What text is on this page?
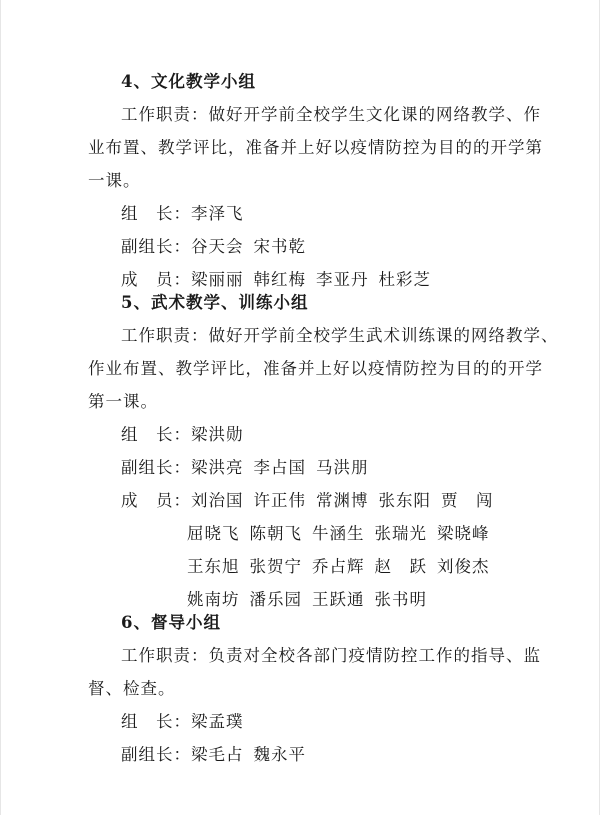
4、文化教学小组
工作职责：做好开学前全校学生文化课的网络教学、作
业布置、教学评比，准备并上好以疫情防控为目的的开学第
一课。
组　长：李泽飞
副组长：谷天会 宋书乾
成　员：梁丽丽 韩红梅 李亚丹 杜彩芝
5、武术教学、训练小组
工作职责：做好开学前全校学生武术训练课的网络教学、
作业布置、教学评比，准备并上好以疫情防控为目的的开学
第一课。
组　长：梁洪勋
副组长：梁洪亮 李占国 马洪朋
成　员：刘治国 许正伟 常渊博 张东阳 贾　闯
屈晓飞 陈朝飞 牛涵生 张瑞光 梁晓峰
王东旭 张贺宁 乔占辉 赵　跃 刘俊杰
姚南坊 潘乐园 王跃通 张书明
6、督导小组
工作职责：负责对全校各部门疫情防控工作的指导、监
督、检查。
组　长：梁孟璞
副组长：梁毛占 魏永平
